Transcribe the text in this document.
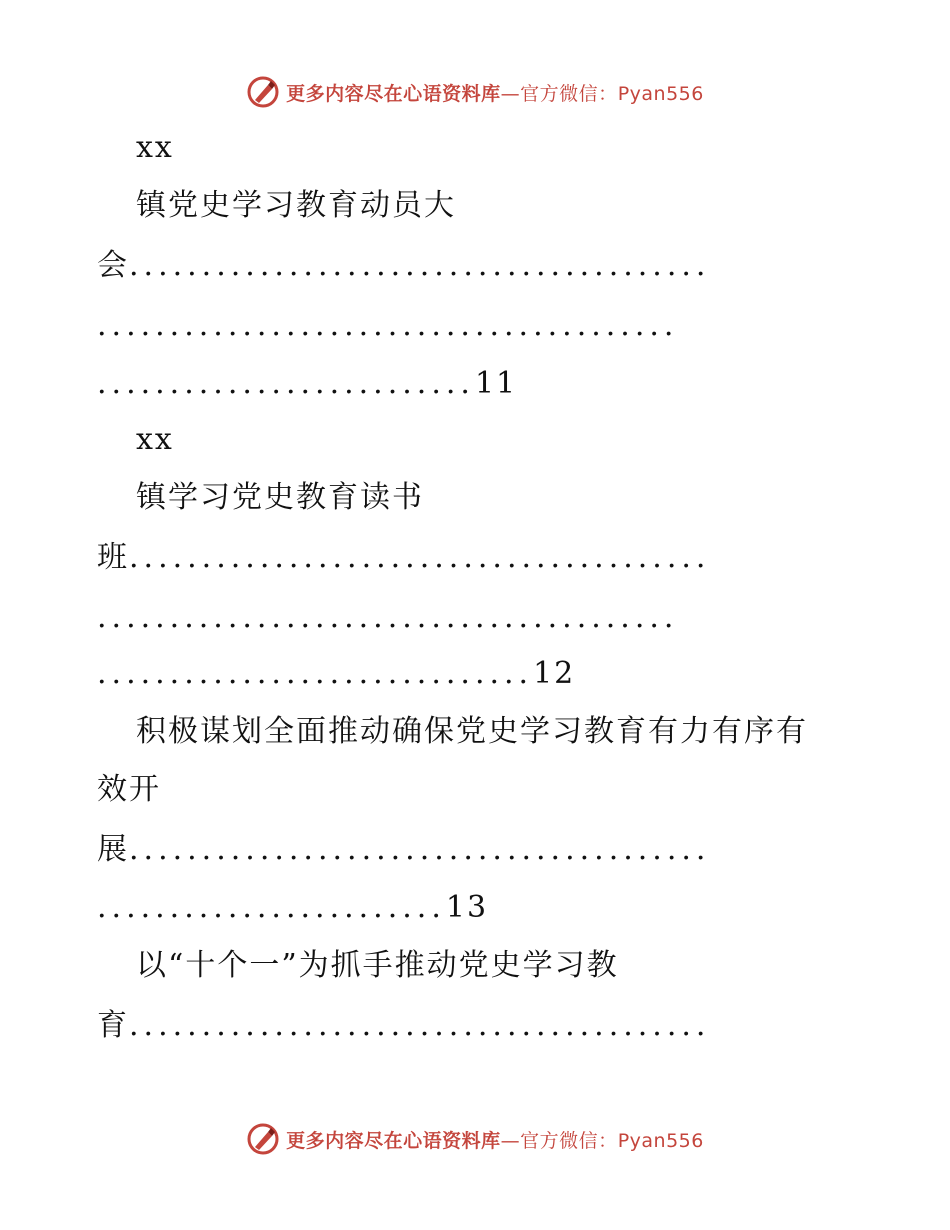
更多内容尽在心语资料库—官方微信：Pyan556
xx
镇党史学习教育动员大
会........................................
........................................
..........................11
xx
镇学习党史教育读书
班........................................
........................................
..............................12
积极谋划全面推动确保党史学习教育有力有序有
效开
展........................................
........................13
以“十个一”为抓手推动党史学习教
育........................................
更多内容尽在心语资料库—官方微信：Pyan556
